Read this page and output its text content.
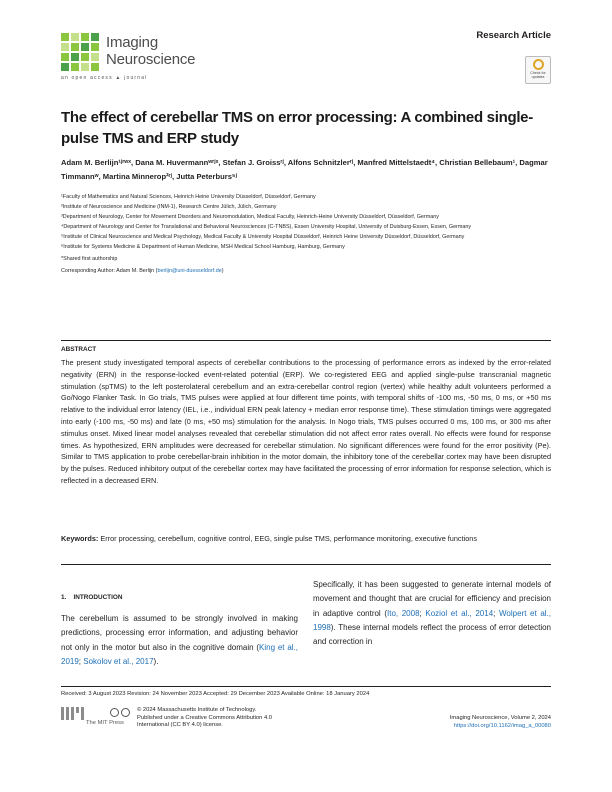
Imaging
Neuroscience
an open access ▲ journal
Research Article
Check for updates
The effect of cerebellar TMS on error processing: A combined single-pulse TMS and ERP study
Adam M. Berlijn¹ʲʳʷˣ, Dana M. Huvermannʷʳʲˣ, Stefan J. Groissʳʲ, Alfons Schnitzlerʳʲ, Manfred Mittelstaedt⁴, Christian Bellebaum¹, Dagmar Timmannʷ, Martina Minnerop²ʳʲ, Jutta Peterburs⁵ʲ

¹Faculty of Mathematics and Natural Sciences, Heinrich Heine University Düsseldorf, Düsseldorf, Germany

²Institute of Neuroscience and Medicine (INM-1), Research Centre Jülich, Jülich, Germany

³Department of Neurology, Center for Movement Disorders and Neuromodulation, Medical Faculty, Heinrich-Heine University Düsseldorf, Düsseldorf, Germany

⁴Department of Neurology and Center for Translational and Behavioral Neurosciences (C-TNBS), Essen University Hospital, University of Duisburg-Essen, Essen, Germany

⁵Institute of Clinical Neuroscience and Medical Psychology, Medical Faculty & University Hospital Düsseldorf, Heinrich Heine University Düsseldorf, Düsseldorf, Germany

⁶Institute for Systems Medicine & Department of Human Medicine, MSH Medical School Hamburg, Hamburg, Germany

*Shared first authorship

Corresponding Author: Adam M. Berlijn (berlijn@uni-duesseldorf.de)

ABSTRACT
The present study investigated temporal aspects of cerebellar contributions to the processing of performance errors as indexed by the error-related negativity (ERN) in the response-locked event-related potential (ERP). We co-registered EEG and applied single-pulse transcranial magnetic stimulation (spTMS) to the left posterolateral cerebellum and an extra-cerebellar control region (vertex) while healthy adult volunteers performed a Go/Nogo Flanker Task. In Go trials, TMS pulses were applied at four different time points, with temporal shifts of -100 ms, -50 ms, 0 ms, or +50 ms relative to the individual error latency (IEL, i.e., individual ERN peak latency + median error response time). These stimulation timings were aggregated into early (-100 ms, -50 ms) and late (0 ms, +50 ms) stimulation for the analysis. In Nogo trials, TMS pulses occurred 0 ms, 100 ms, or 300 ms after stimulus onset. Mixed linear model analyses revealed that cerebellar stimulation did not affect error rates overall. No effects were found for response times. As hypothesized, ERN amplitudes were decreased for cerebellar stimulation. No significant differences were found for the error positivity (Pe). Similar to TMS application to probe cerebellar-brain inhibition in the motor domain, the inhibitory tone of the cerebellar cortex may have been disrupted by the pulses. Reduced inhibitory output of the cerebellar cortex may have facilitated the processing of error information for response selection, which is reflected in a decreased ERN.
Keywords: Error processing, cerebellum, cognitive control, EEG, single pulse TMS, performance monitoring, executive functions
1. INTRODUCTION
The cerebellum is assumed to be strongly involved in making predictions, processing error information, and adjusting behavior not only in the motor but also in the cognitive domain (King et al., 2019; Sokolov et al., 2017).
Specifically, it has been suggested to generate internal models of movement and thought that are crucial for efficiency and precision in adaptive control (Ito, 2008; Koziol et al., 2014; Wolpert et al., 1998). These internal models reflect the process of error detection and correction in
Received: 3 August 2023 Revision: 24 November 2023 Accepted: 29 December 2023 Available Online: 18 January 2024
The MIT Press
© 2024 Massachusetts Institute of Technology.
Published under a Creative Commons Attribution 4.0
International (CC BY 4.0) license.
Imaging Neuroscience, Volume 2, 2024
https://doi.org/10.1162/imag_a_00080
